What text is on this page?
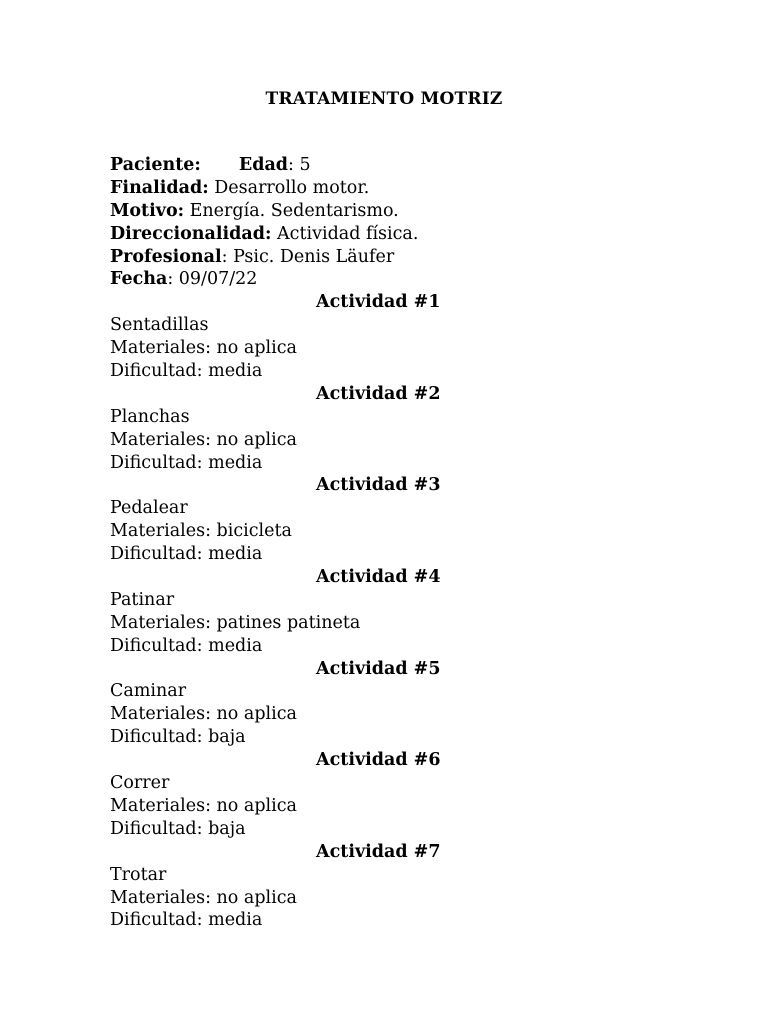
TRATAMIENTO MOTRIZ
Paciente: Edad: 5
Finalidad: Desarrollo motor.
Motivo: Energía. Sedentarismo.
Direccionalidad: Actividad física.
Profesional: Psic. Denis Läufer
Fecha: 09/07/22
Actividad #1
Sentadillas
Materiales: no aplica
Dificultad: media
Actividad #2
Planchas
Materiales: no aplica
Dificultad: media
Actividad #3
Pedalear
Materiales: bicicleta
Dificultad: media
Actividad #4
Patinar
Materiales: patines patineta
Dificultad: media
Actividad #5
Caminar
Materiales: no aplica
Dificultad: baja
Actividad #6
Correr
Materiales: no aplica
Dificultad: baja
Actividad #7
Trotar
Materiales: no aplica
Dificultad: media
